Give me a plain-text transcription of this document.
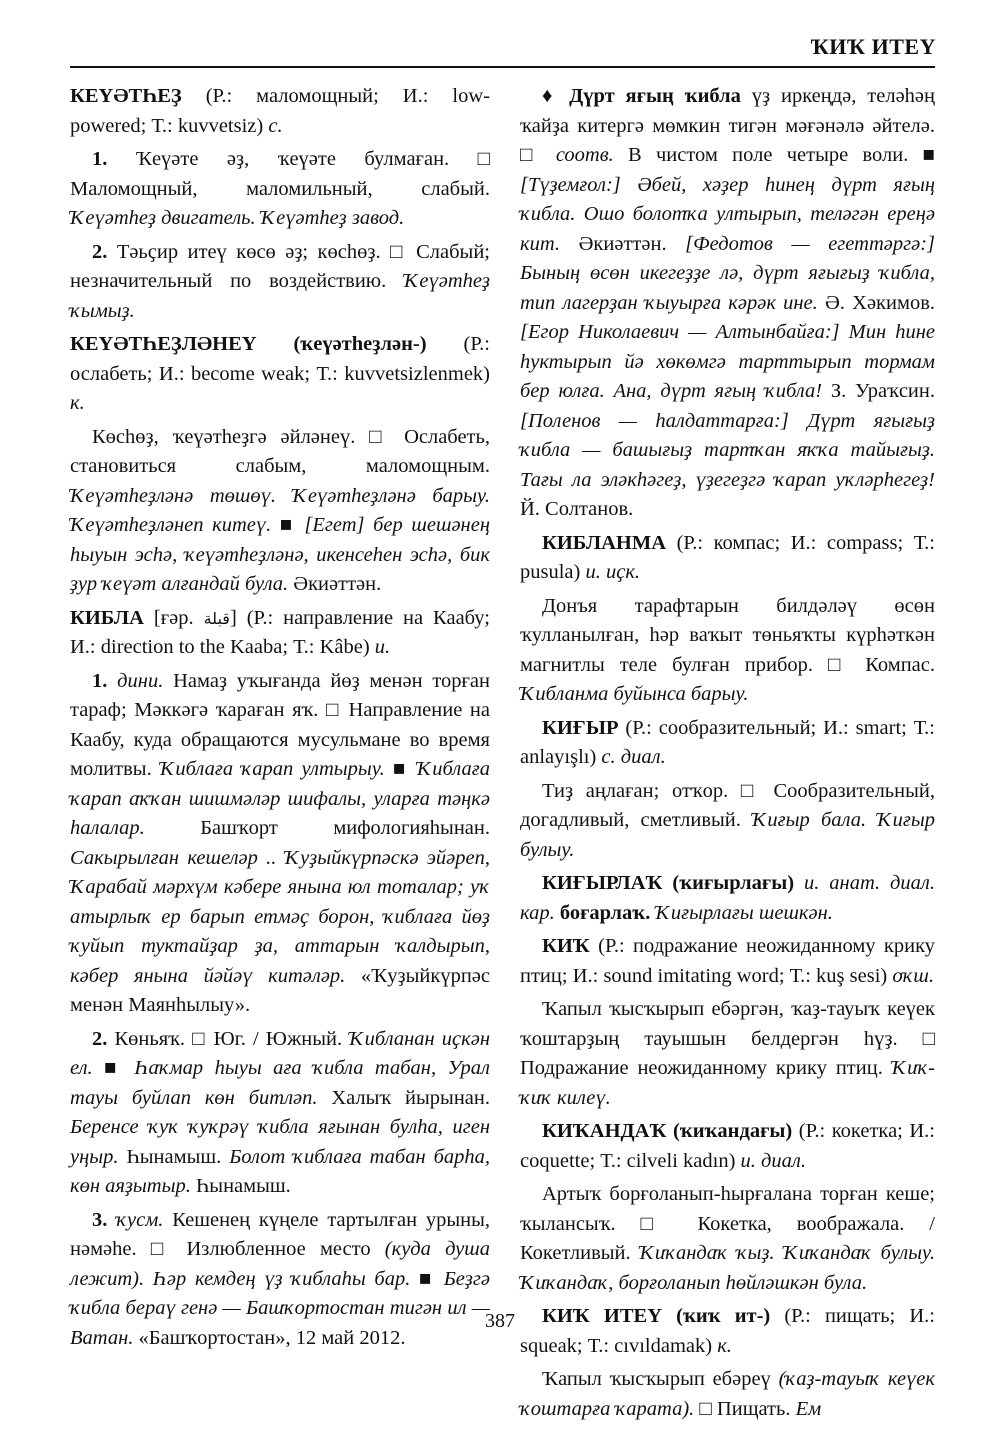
ҠИҠ ИТЕҮ

КЕҮӘТҺЕҘ (Р.: маломощный; И.: low-powered; Т.: kuvvetsiz) с.

1. Ҡеүәте әҙ, ҡеүәте булмаған. □ Маломощный, маломильный, слабый. Ҡеүәтһеҙ двигатель. Ҡеүәтһеҙ завод.

2. Тәьҫир итеү көсө әҙ; көсһөҙ. □ Слабый; незначительный по воздействию. Ҡеүәтһеҙ ҡымыҙ.

КЕҮӘТҺЕҘЛӘНЕҮ (ҡеүәтһеҙлән-) (Р.: ослабеть; И.: become weak; Т.: kuvvetsizlenmek) к.

Көсһөҙ, ҡеүәтһеҙгә әйләнеү. □ Ослабеть, становиться слабым, маломощным. Ҡеүәтһеҙләнә төшөү. Ҡеүәтһеҙләнә барыу. Ҡеүәтһеҙләнеп китеү. ■ [Егет] бер шешәнең һыуын эсһә, ҡеүәтһеҙләнә, икенсеһен эсһә, бик ҙур ҡеүәт алғандай була. Әкиәттән.

КИБЛА [ғәр. قبلة] (Р.: направление на Каабу; И.: direction to the Kaaba; Т.: Kâbe) и.

1. дини. Намаҙ уҡығанда йөҙ менән торған тараф; Мәккәгә ҡараған яҡ. □ Направление на Каабу, куда обращаются мусульмане во время молитвы. Ҡиблаға ҡарап ултырыу. ■ Ҡиблаға ҡарап аҡҡан шишмәләр шифалы, уларға тәңкә һалалар. Башҡорт мифологияһынан. Сакырылған кешеләр .. Ҡуҙыйкүрпәскә эйәреп, Ҡарабай мәрхүм кәбере янына юл тоталар; уҡ атырлыҡ ер барып етмәҫ борон, ҡиблаға йөҙ ҡуйып туктайҙар ҙа, аттарын ҡалдырып, кәбер янына йәйәү китәләр. «Ҡуҙыйкүрпәс менән Маянһылыу».

2. Көньяҡ. □ Юг. / Южный. Ҡибланан иҫкән ел. ■ Һаҡмар һыуы аға ҡибла табан, Урал тауы буйлап көн битләп. Халыҡ йырынан. Беренсе ҡуҡ ҡуҡрәү ҡибла яғынан булһа, иген уңыр. Һынамыш. Болот ҡиблаға табан барһа, көн аяҙытыр. Һынамыш.

3. ҡусм. Кешенең күңеле тартылған урыны, нәмәһе. □ Излюбленное место (куда душа лежит). Һәр кемдең үҙ ҡиблаһы бар. ■ Беҙгә ҡибла бераү генә — Башҡортостан тигән ил — Ватан. «Башҡортостан», 12 май 2012.

♦ Дүрт яғың ҡибла үҙ иркеңдә, теләһәң ҡайҙа китергә мөмкин тигән мәғәнәлә әйтелә. □ соотв. В чистом поле четыре воли. ■ [Түҙемғол:] Әбей, хәҙер һинең дүрт яғың ҡибла. Ошо болотҡа ултырып, теләгән ереңә кит. Әкиәттән. [Федотов — егеттәргә:] Бының өсөн икегеҙҙе лә, дүрт яғығыҙ ҡибла, тип лагерҙан ҡыуырға кәрәк ине. Ә. Хәкимов. [Егор Николаевич — Алтынбайға:] Мин һине һуктырып йә хөкөмгә тарттырып тормам бер юлға. Ана, дүрт яғың ҡибла! З. Ураҡсин. [Поленов — һалдаттарға:] Дүрт яғығыҙ ҡибла — башығыҙ тартҡан яҡҡа тайығыҙ. Тағы ла эләкһәгеҙ, үҙегеҙгә ҡарап уҡләрһегеҙ! Й. Солтанов.

КИБЛАНМА (Р.: компас; И.: compass; Т.: pusula) и. иҫк.

Донъя тарафтарын билдәләү өсөн ҡулланылған, һәр ваҡыт төньяҡты күрһәткән магнитлы теле булған прибор. □ Компас. Ҡибланма буйынса барыу.

КИҒЫР (Р.: сообразительный; И.: smart; Т.: anlayışlı) с. диал.

Тиҙ аңлаған; отҡор. □ Сообразительный, догадливый, сметливый. Ҡиғыр бала. Ҡиғыр булыу.

КИҒЫРЛАҠ (ҡиғырлағы) и. анат. диал. кар. боғарлаҡ. Ҡиғырлағы шешкән.

КИҠ (Р.: подражание неожиданному крику птиц; И.: sound imitating word; Т.: kuş sesi) оҡш.

Ҡапыл ҡысҡырып ебәргән, ҡаҙ-тауыҡ кеүек ҡоштарҙың тауышын белдергән һүҙ. □ Подражание неожиданному крику птиц. Ҡиҡ-ҡиҡ килеү.

КИҠАНДАҠ (ҡиҡандағы) (Р.: кокетка; И.: coquette; Т.: cilveli kadın) и. диал.

Артыҡ борғоланып-һырғалана торған кеше; ҡылансыҡ. □ Кокетка, воображала. / Кокетливый. Ҡиҡандаҡ ҡыҙ. Ҡиҡандаҡ булыу. Ҡиҡандаҡ, борғоланып һөйләшкән була.

КИҠ ИТЕҮ (ҡиҡ ит-) (Р.: пищать; И.: squeak; Т.: cıvıldamak) к.

Ҡапыл ҡысҡырып ебәреү (ҡаҙ-тауыҡ кеүек ҡоштарға ҡарата). □ Пищать. Ем

387
